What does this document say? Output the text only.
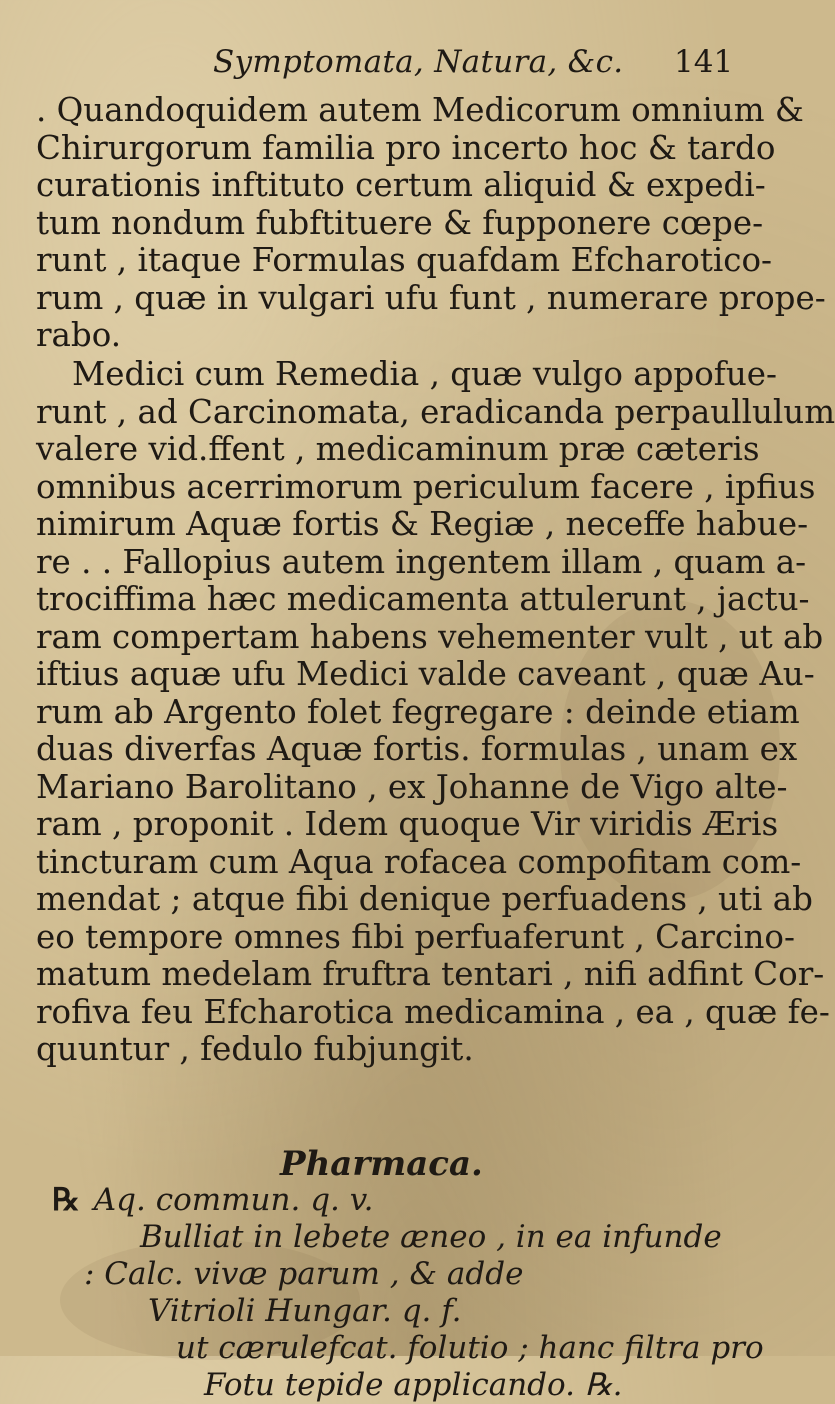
Symptomata, Natura, &c. 141
. Quandoquidem autem Medicorum omnium &
Chirurgorum familia pro incerto hoc & tardo
curationis inftituto certum aliquid & expedi-
tum nondum fubftituere & fupponere cœpe-
runt , itaque Formulas quafdam Efcharotico-
rum , quæ in vulgari ufu funt , numerare prope-
rabo.
Medici cum Remedia , quæ vulgo appofue-
runt , ad Carcinomata, eradicanda perpaullulum
valere vid.ffent , medicaminum præ cæteris
omnibus acerrimorum periculum facere , ipfius
nimirum Aquæ fortis & Regiæ , neceffe habue-
re . . Fallopius autem ingentem illam , quam a-
trociffima hæc medicamenta attulerunt , jactu-
ram compertam habens vehementer vult , ut ab
iftius aquæ ufu Medici valde caveant , quæ Au-
rum ab Argento folet fegregare : deinde etiam
duas diverfas Aquæ fortis. formulas , unam ex
Mariano Barolitano , ex Johanne de Vigo alte-
ram , proponit . Idem quoque Vir viridis Æris
tincturam cum Aqua rofacea compofitam com-
mendat ; atque fibi denique perfuadens , uti ab
eo tempore omnes fibi perfuaferunt , Carcino-
matum medelam fruftra tentari , nifi adfint Cor-
rofiva feu Efcharotica medicamina , ea , quæ fe-
quuntur , fedulo fubjungit.
Pharmaca.
℞ Aq. commun. q. v.
Bulliat in lebete æneo , in ea infunde
: Calc. vivæ parum , & adde
Vitrioli Hungar. q. f.
ut cærulefcat. folutio ; hanc filtra pro
Fotu tepide applicando. ℞.
